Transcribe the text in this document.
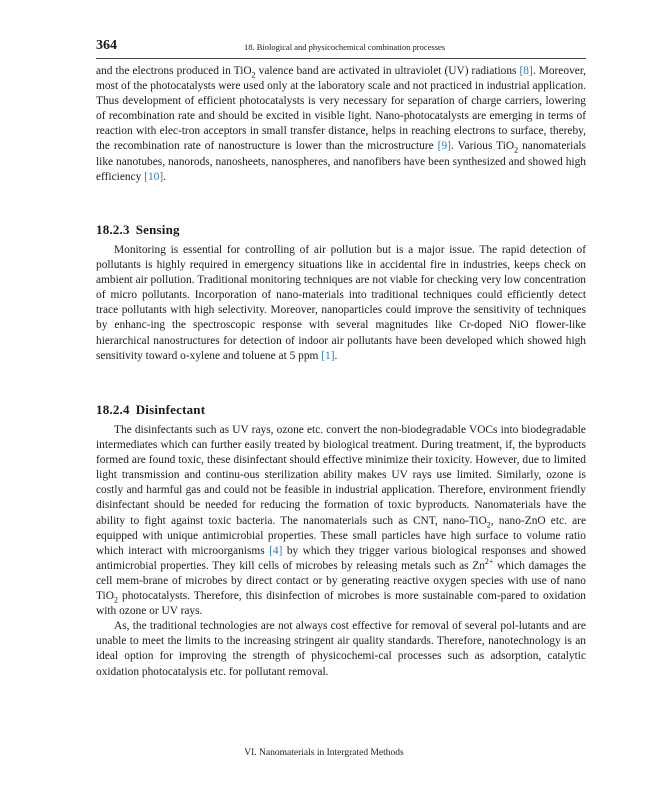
364	18. Biological and physicochemical combination processes

and the electrons produced in TiO$_2$ valence band are activated in ultraviolet (UV) radiations [8]. Moreover, most of the photocatalysts were used only at the laboratory scale and not practiced in industrial application. Thus development of efficient photocatalysts is very necessary for separation of charge carriers, lowering of recombination rate and should be excited in visible light. Nano-photocatalysts are emerging in terms of reaction with elec-tron acceptors in small transfer distance, helps in reaching electrons to surface, thereby, the recombination rate of nanostructure is lower than the microstructure [9]. Various TiO$_2$ nanomaterials like nanotubes, nanorods, nanosheets, nanospheres, and nanofibers have been synthesized and showed high efficiency [10].

18.2.3 Sensing

Monitoring is essential for controlling of air pollution but is a major issue. The rapid detection of pollutants is highly required in emergency situations like in accidental fire in industries, keeps check on ambient air pollution. Traditional monitoring techniques are not viable for checking very low concentration of micro pollutants. Incorporation of nano-materials into traditional techniques could efficiently detect trace pollutants with high selectivity. Moreover, nanoparticles could improve the sensitivity of techniques by enhanc-ing the spectroscopic response with several magnitudes like Cr-doped NiO flower-like hierarchical nanostructures for detection of indoor air pollutants have been developed which showed high sensitivity toward o-xylene and toluene at 5 ppm [1].

18.2.4 Disinfectant

The disinfectants such as UV rays, ozone etc. convert the non-biodegradable VOCs into biodegradable intermediates which can further easily treated by biological treatment. During treatment, if, the byproducts formed are found toxic, these disinfectant should effective minimize their toxicity. However, due to limited light transmission and continu-ous sterilization ability makes UV rays use limited. Similarly, ozone is costly and harmful gas and could not be feasible in industrial application. Therefore, environment friendly disinfectant should be needed for reducing the formation of toxic byproducts. Nanomaterials have the ability to fight against toxic bacteria. The nanomaterials such as CNT, nano-TiO$_2$, nano-ZnO etc. are equipped with unique antimicrobial properties. These small particles have high surface to volume ratio which interact with microorganisms [4] by which they trigger various biological responses and showed antimicrobial properties. They kill cells of microbes by releasing metals such as $Zn^{2+}$ which damages the cell mem-brane of microbes by direct contact or by generating reactive oxygen species with use of nano TiO$_2$ photocatalysts. Therefore, this disinfection of microbes is more sustainable com-pared to oxidation with ozone or UV rays.

As, the traditional technologies are not always cost effective for removal of several pol-lutants and are unable to meet the limits to the increasing stringent air quality standards. Therefore, nanotechnology is an ideal option for improving the strength of physicochemi-cal processes such as adsorption, catalytic oxidation photocatalysis etc. for pollutant removal.

VI. Nanomaterials in Intergrated Methods
